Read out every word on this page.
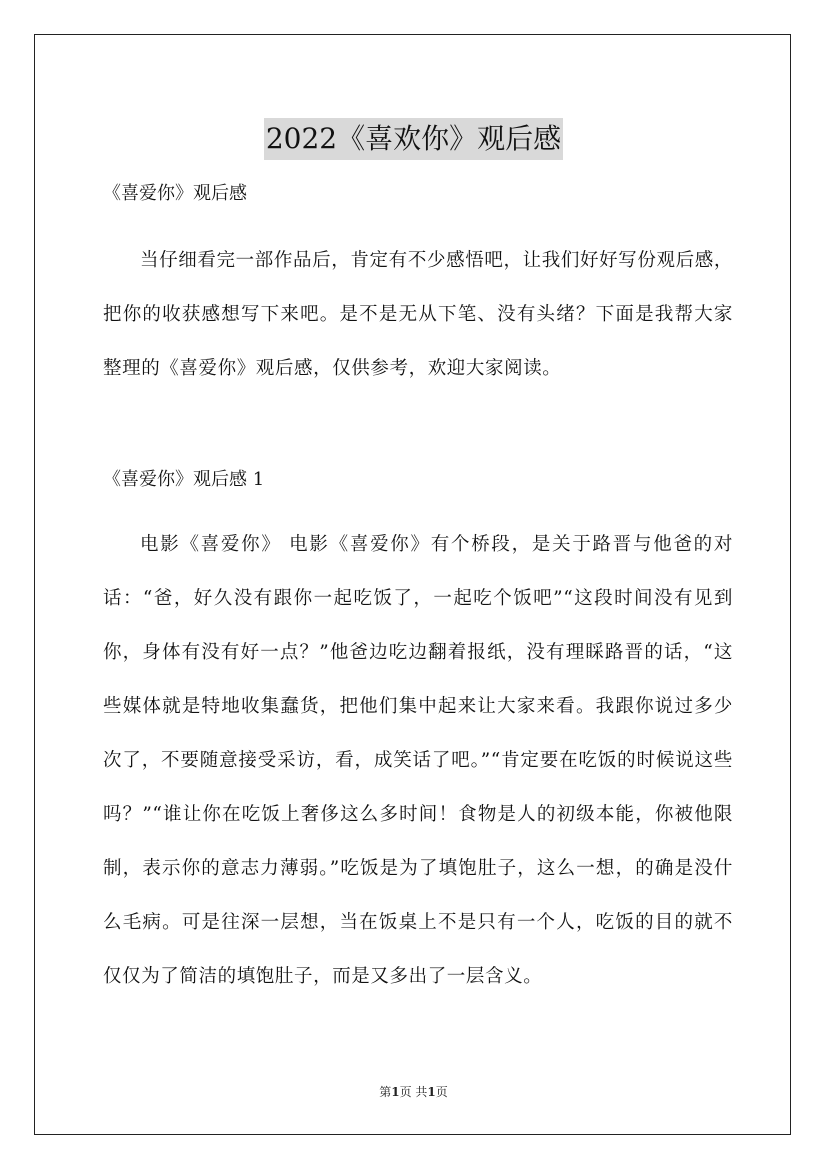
2022《喜欢你》观后感

《喜爱你》观后感

当仔细看完一部作品后，肯定有不少感悟吧，让我们好好写份观后感，把你的收获感想写下来吧。是不是无从下笔、没有头绪？下面是我帮大家整理的《喜爱你》观后感，仅供参考，欢迎大家阅读。

《喜爱你》观后感 1

电影《喜爱你》 电影《喜爱你》有个桥段，是关于路晋与他爸的对话：“爸，好久没有跟你一起吃饭了，一起吃个饭吧”“这段时间没有见到你，身体有没有好一点？”他爸边吃边翻着报纸，没有理睬路晋的话，“这些媒体就是特地收集蠢货，把他们集中起来让大家来看。我跟你说过多少次了，不要随意接受采访，看，成笑话了吧。”“肯定要在吃饭的时候说这些吗？”“谁让你在吃饭上奢侈这么多时间！食物是人的初级本能，你被他限制，表示你的意志力薄弱。”吃饭是为了填饱肚子，这么一想，的确是没什么毛病。可是往深一层想，当在饭桌上不是只有一个人，吃饭的目的就不仅仅为了简洁的填饱肚子，而是又多出了一层含义。

第1页 共1页
